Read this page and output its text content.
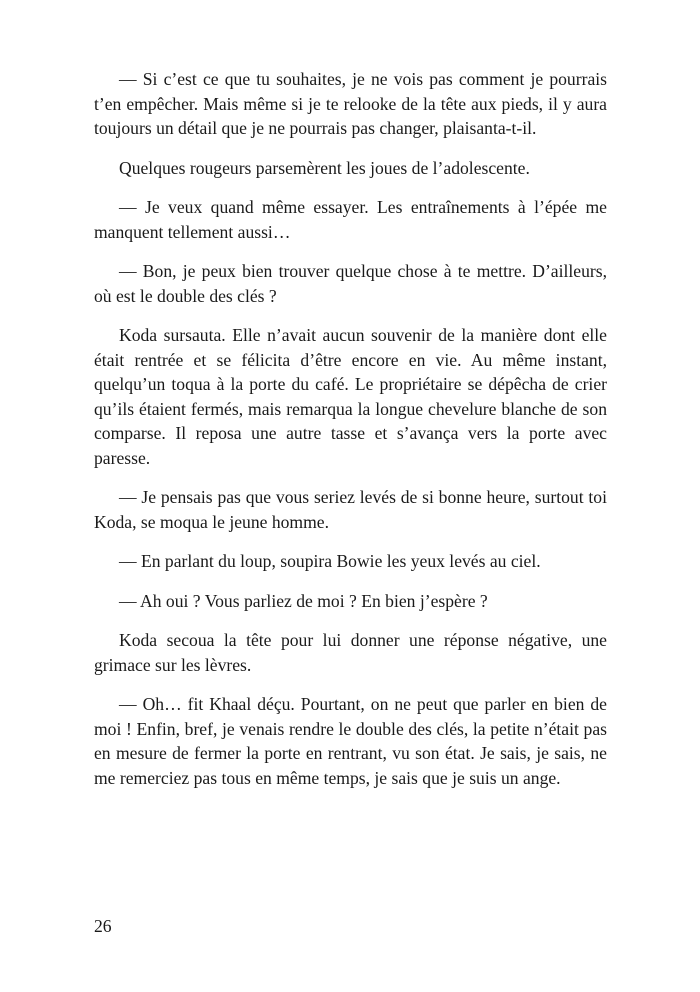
— Si c’est ce que tu souhaites, je ne vois pas comment je pourrais t’en empêcher. Mais même si je te relooke de la tête aux pieds, il y aura toujours un détail que je ne pourrais pas changer, plaisanta-t-il.

Quelques rougeurs parsemèrent les joues de l’adolescente.

— Je veux quand même essayer. Les entraînements à l’épée me manquent tellement aussi…

— Bon, je peux bien trouver quelque chose à te mettre. D’ailleurs, où est le double des clés ?

Koda sursauta. Elle n’avait aucun souvenir de la manière dont elle était rentrée et se félicita d’être encore en vie. Au même instant, quelqu’un toqua à la porte du café. Le propriétaire se dépêcha de crier qu’ils étaient fermés, mais remarqua la longue chevelure blanche de son comparse. Il reposa une autre tasse et s’avança vers la porte avec paresse.

— Je pensais pas que vous seriez levés de si bonne heure, surtout toi Koda, se moqua le jeune homme.

— En parlant du loup, soupira Bowie les yeux levés au ciel.

— Ah oui ? Vous parliez de moi ? En bien j’espère ?

Koda secoua la tête pour lui donner une réponse négative, une grimace sur les lèvres.

— Oh… fit Khaal déçu. Pourtant, on ne peut que parler en bien de moi ! Enfin, bref, je venais rendre le double des clés, la petite n’était pas en mesure de fermer la porte en rentrant, vu son état. Je sais, je sais, ne me remerciez pas tous en même temps, je sais que je suis un ange.

26
